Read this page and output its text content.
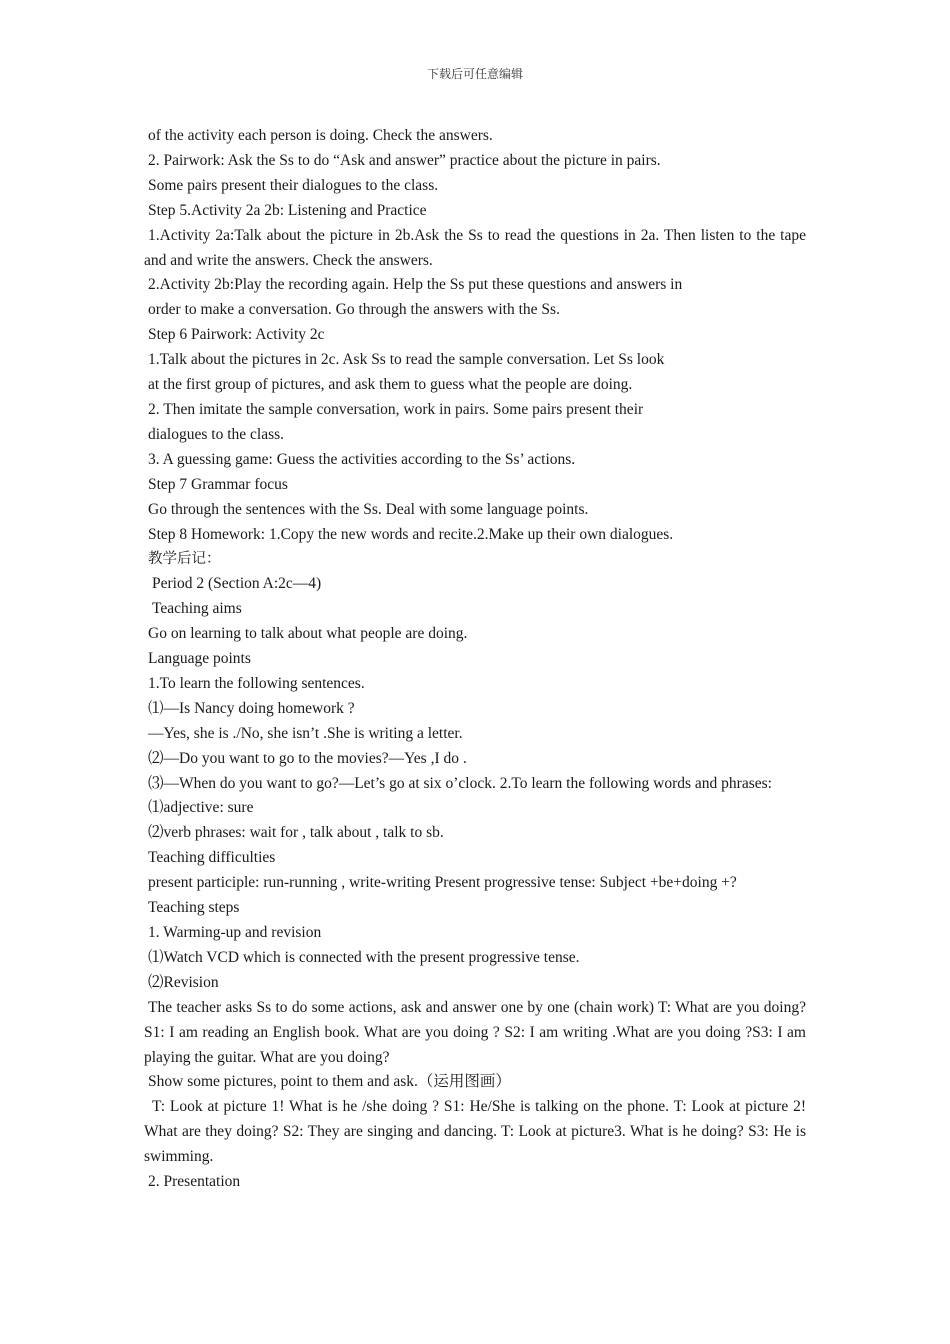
下载后可任意编辑

of the activity each person is doing. Check the answers.

2. Pairwork: Ask the Ss to do “Ask and answer” practice about the picture in pairs.

Some pairs present their dialogues to the class.

Step 5.Activity 2a 2b: Listening and Practice

1.Activity 2a:Talk about the picture in 2b.Ask the Ss to read the questions in 2a. Then listen to the tape and and write the answers. Check the answers.

2.Activity 2b:Play the recording again. Help the Ss put these questions and answers in

order to make a conversation. Go through the answers with the Ss.

Step 6 Pairwork: Activity 2c

1.Talk about the pictures in 2c. Ask Ss to read the sample conversation. Let Ss look

at the first group of pictures, and ask them to guess what the people are doing.

2. Then imitate the sample conversation, work in pairs. Some pairs present their

dialogues to the class.

3. A guessing game: Guess the activities according to the Ss’ actions.

Step 7 Grammar focus

Go through the sentences with the Ss. Deal with some language points.

Step 8 Homework: 1.Copy the new words and recite.2.Make up their own dialogues.

教学后记：

Period 2 (Section A:2c—4)

Teaching aims

Go on learning to talk about what people are doing.

Language points

1.To learn the following sentences.

⑴—Is Nancy doing homework ?

—Yes, she is ./No, she isn’t .She is writing a letter.

⑵—Do you want to go to the movies?—Yes ,I do .

⑶—When do you want to go?—Let’s go at six o’clock. 2.To learn the following words and phrases:

⑴adjective: sure

⑵verb phrases: wait for , talk about , talk to sb.

Teaching difficulties

present participle: run-running , write-writing Present progressive tense: Subject +be+doing +?

Teaching steps

1. Warming-up and revision

⑴Watch VCD which is connected with the present progressive tense.

⑵Revision

The teacher asks Ss to do some actions, ask and answer one by one (chain work) T: What are you doing?S1: I am reading an English book. What are you doing ? S2: I am writing .What are you doing ?S3: I am playing the guitar. What are you doing?

Show some pictures, point to them and ask.（运用图画）

T: Look at picture 1! What is he /she doing ? S1: He/She is talking on the phone. T: Look at picture 2! What are they doing? S2: They are singing and dancing. T: Look at picture3. What is he doing? S3: He is swimming.

2. Presentation
